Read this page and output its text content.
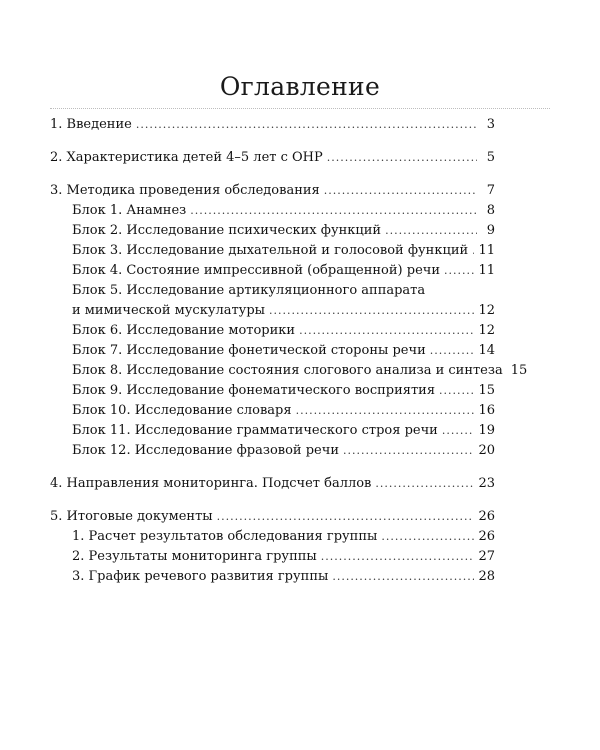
Оглавление
1. Введение .....	3
2. Характеристика детей 4–5 лет с ОНР .....	5
3. Методика проведения обследования .....	7
Блок 1. Анамнез .....	8
Блок 2. Исследование психических функций .....	9
Блок 3. Исследование дыхательной и голосовой функций ..... 11
Блок 4. Состояние импрессивной (обращенной) речи .....	11
Блок 5. Исследование артикуляционного аппарата
и мимической мускулатуры .....	12
Блок 6. Исследование моторики .....	12
Блок 7. Исследование фонетической стороны речи .....	14
Блок 8. Исследование состояния слогового анализа и синтеза 15
Блок 9. Исследование фонематического восприятия .....	15
Блок 10. Исследование словаря .....	16
Блок 11. Исследование грамматического строя речи .....	19
Блок 12. Исследование фразовой речи .....	20
4. Направления мониторинга. Подсчет баллов .....	23
5. Итоговые документы .....	26
1. Расчет результатов обследования группы .....	26
2. Результаты мониторинга группы .....	27
3. График речевого развития группы .....	28
